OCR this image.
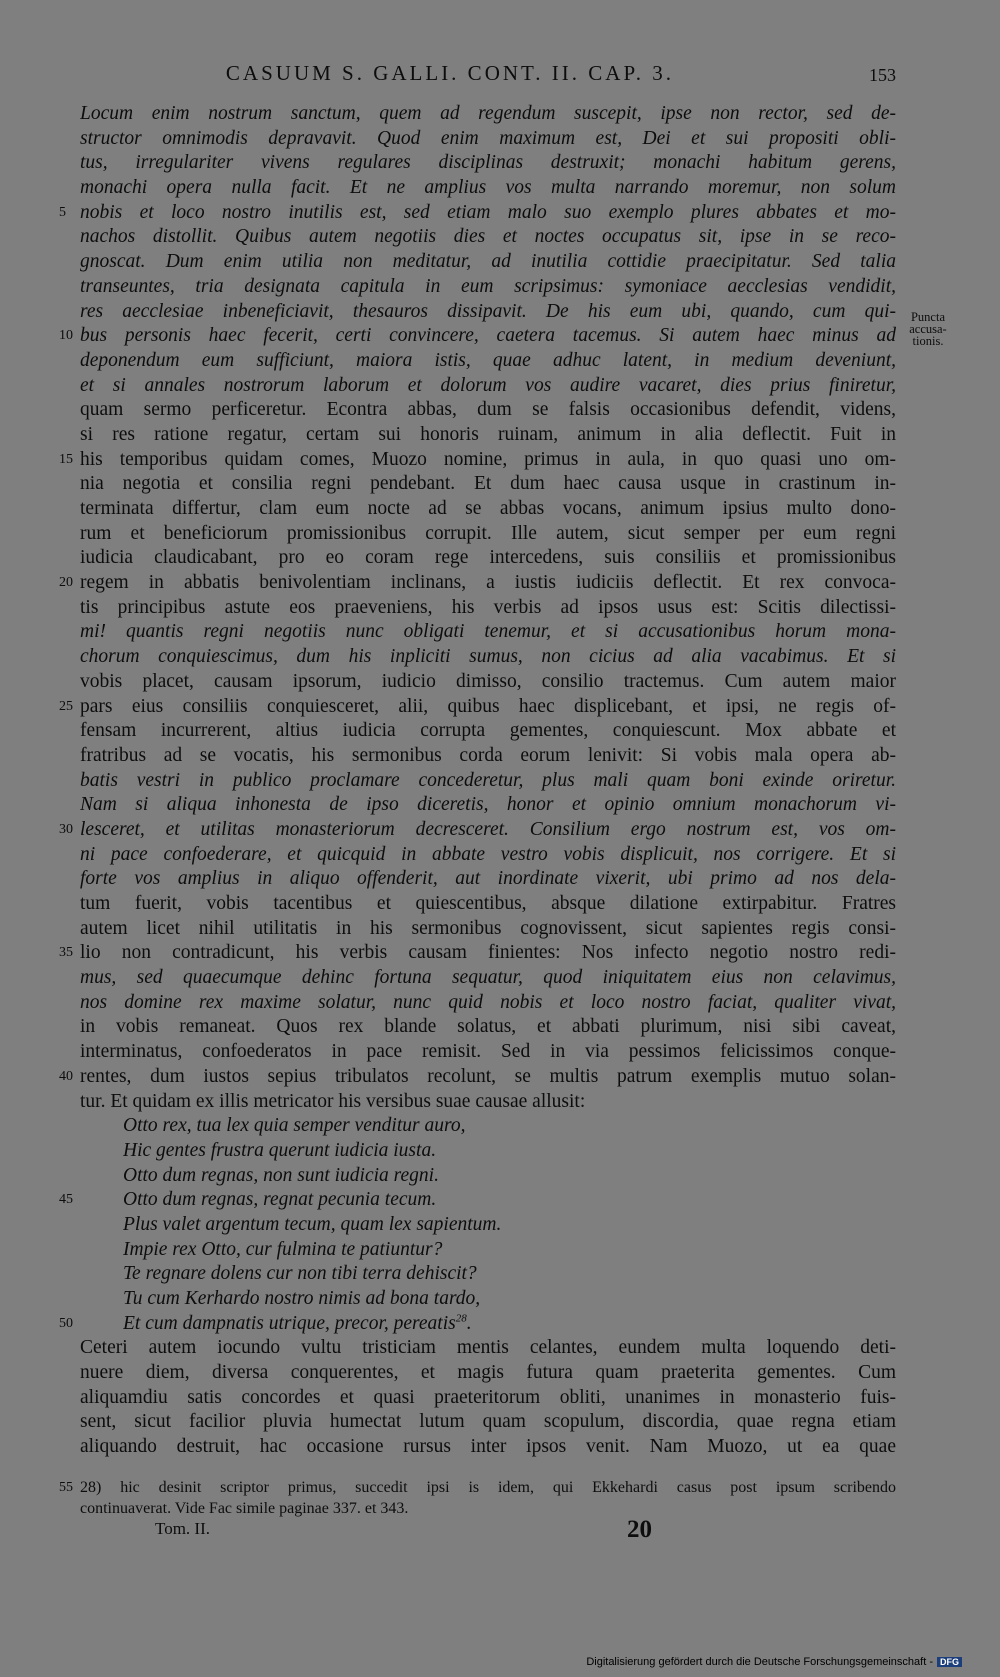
CASUUM S. GALLI. CONT. II. CAP. 3.	153
Locum enim nostrum sanctum, quem ad regendum suscepit, ipse non rector, sed de-
structor omnimodis depravavit. Quod enim maximum est, Dei et sui propositi obli-
tus, irregulariter vivens regulares disciplinas destruxit; monachi habitum gerens,
monachi opera nulla facit. Et ne amplius vos multa narrando moremur, non solum
5 nobis et loco nostro inutilis est, sed etiam malo suo exemplo plures abbates et mo-
nachos distollit. Quibus autem negotiis dies et noctes occupatus sit, ipse in se reco-
gnoscat. Dum enim utilia non meditatur, ad inutilia cottidie praecipitatur. Sed talia
transeuntes, tria designata capitula in eum scripsimus: symoniace aecclesias vendidit,
res aecclesiae inbeneficiavit, thesauros dissipavit. De his eum ubi, quando, cum qui-
10 bus personis haec fecerit, certi convincere, caetera tacemus. Si autem haec minus ad
deponendum eum sufficiunt, maiora istis, quae adhuc latent, in medium deveniunt,
et si annales nostrorum laborum et dolorum vos audire vacaret, dies prius finiretur,
quam sermo perficeretur. Econtra abbas, dum se falsis occasionibus defendit, videns,
si res ratione regatur, certam sui honoris ruinam, animum in alia deflectit. Fuit in
15 his temporibus quidam comes, Muozo nomine, primus in aula, in quo quasi uno om-
nia negotia et consilia regni pendebant. Et dum haec causa usque in crastinum in-
terminata differtur, clam eum nocte ad se abbas vocans, animum ipsius multo dono-
rum et beneficiorum promissionibus corrupit. Ille autem, sicut semper per eum regni
iudicia claudicabant, pro eo coram rege intercedens, suis consiliis et promissionibus
20 regem in abbatis benivolentiam inclinans, a iustis iudiciis deflectit. Et rex convoca-
tis principibus astute eos praeveniens, his verbis ad ipsos usus est: Scitis dilectissi-
mi! quantis regni negotiis nunc obligati tenemur, et si accusationibus horum mona-
chorum conquiescimus, dum his inpliciti sumus, non cicius ad alia vacabimus. Et si
vobis placet, causam ipsorum, iudicio dimisso, consilio tractemus. Cum autem maior
25 pars eius consiliis conquiesceret, alii, quibus haec displicebant, et ipsi, ne regis of-
fensam incurrerent, altius iudicia corrupta gementes, conquiescunt. Mox abbate et
fratribus ad se vocatis, his sermonibus corda eorum lenivit: Si vobis mala opera ab-
batis vestri in publico proclamare concederetur, plus mali quam boni exinde oriretur.
Nam si aliqua inhonesta de ipso diceretis, honor et opinio omnium monachorum vi-
30 lesceret, et utilitas monasteriorum decresceret. Consilium ergo nostrum est, vos om-
ni pace confoederare, et quicquid in abbate vestro vobis displicuit, nos corrigere. Et si
forte vos amplius in aliquo offenderit, aut inordinate vixerit, ubi primo ad nos dela-
tum fuerit, vobis tacentibus et quiescentibus, absque dilatione extirpabitur. Fratres
autem licet nihil utilitatis in his sermonibus cognovissent, sicut sapientes regis consi-
35 lio non contradicunt, his verbis causam finientes: Nos infecto negotio nostro redi-
mus, sed quaecumque dehinc fortuna sequatur, quod iniquitatem eius non celavimus,
nos domine rex maxime solatur, nunc quid nobis et loco nostro faciat, qualiter vivat,
in vobis remaneat. Quos rex blande solatus, et abbati plurimum, nisi sibi caveat,
interminatus, confoederatos in pace remisit. Sed in via pessimos felicissimos conque-
40 rentes, dum iustos sepius tribulatos recolunt, se multis patrum exemplis mutuo solan-
tur. Et quidam ex illis metricator his versibus suae causae allusit:
Otto rex, tua lex quia semper venditur auro,
Hic gentes frustra querunt iudicia iusta.
Otto dum regnas, non sunt iudicia regni.
45	Otto dum regnas, regnat pecunia tecum.
Plus valet argentum tecum, quam lex sapientum.
Impie rex Otto, cur fulmina te patiuntur?
Te regnare dolens cur non tibi terra dehiscit?
Tu cum Kerhardo nostro nimis ad bona tardo,
50	Et cum dampnatis utrique, precor, pereatis$^{28}$.
Ceteri autem iocundo vultu tristiciam mentis celantes, eundem multa loquendo deti-
nuere diem, diversa conquerentes, et magis futura quam praeterita gementes. Cum
aliquamdiu satis concordes et quasi praeteritorum obliti, unanimes in monasterio fuis-
sent, sicut facilior pluvia humectat lutum quam scopulum, discordia, quae regna etiam
aliquando destruit, hac occasione rursus inter ipsos venit. Nam Muozo, ut ea quae
Puncta accusa-tionis.
55 28) hic desinit scriptor primus, succedit ipsi is idem, qui Ekkehardi casus post ipsum scribendo
continuaverat. Vide Fac simile paginae 337. et 343.
Tom. II.	20
Digitalisierung gefördert durch die Deutsche Forschungsgemeinschaft - DFG
